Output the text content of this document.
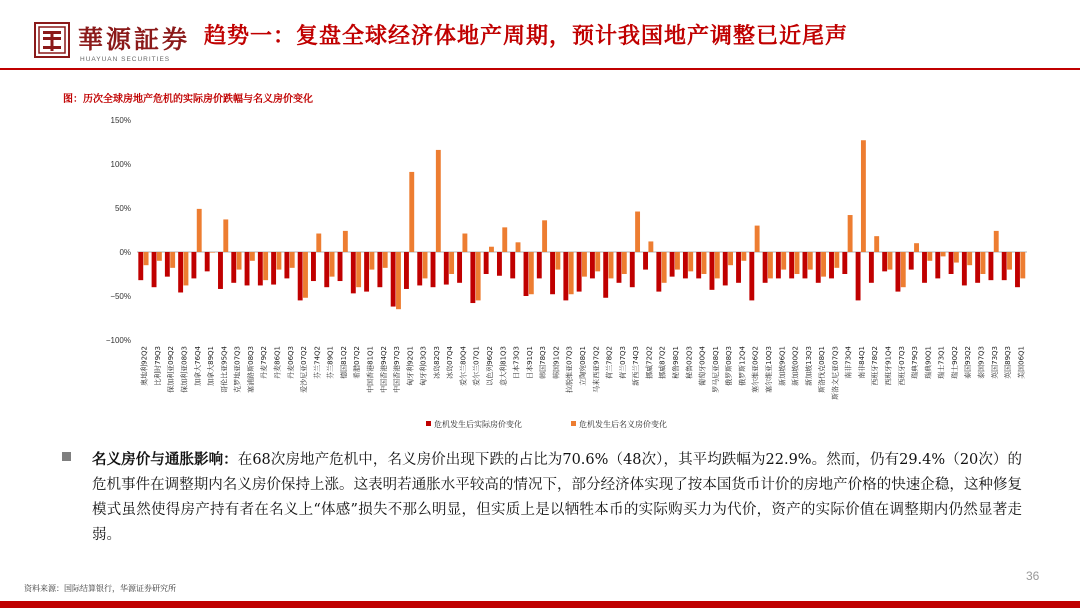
華源証券
HUAYUAN SECURITIES
趋势一：复盘全球经济体地产周期，预计我国地产调整已近尾声
图：历次全球房地产危机的实际房价跌幅与名义房价变化
150%
100%
50%
0%
−50%
−100%
奥地利92Q2 比利时79Q3 保加利亚09Q2 保加利亚08Q3 加拿大76Q4 加拿大89Q1 哥伦比亚95Q4 克罗地亚07Q3 塞浦路斯08Q3 丹麦79Q2 丹麦86Q1 丹麦06Q3 爱沙尼亚07Q2 芬兰74Q2 芬兰89Q1 德国81Q2 希腊07Q2 中国香港81Q1 中国香港94Q2 中国香港97Q3 匈牙利92Q1 匈牙利03Q3 冰岛82Q3 冰岛07Q4 爱尔兰80Q4 爱尔兰07Q1 以色列96Q2 意大利81Q3 日本73Q3 日本91Q1 韩国78Q3 韩国91Q2 拉脱维亚07Q3 立陶宛08Q1 马来西亚97Q2 荷兰78Q2 荷兰07Q3 新西兰74Q3 挪威72Q2 挪威87Q2 秘鲁98Q1 秘鲁02Q3 葡萄牙00Q4 罗马尼亚08Q1 俄罗斯08Q3 俄罗斯12Q4 塞尔维亚06Q2 塞尔维亚10Q3 新加坡96Q1 新加坡00Q2 新加坡13Q3 斯洛伐克08Q1 斯洛文尼亚07Q3 南非73Q4 南非84Q1 西班牙78Q2 西班牙91Q4 西班牙07Q3 瑞典79Q3 瑞典90Q1 瑞士73Q1 瑞士90Q2 泰国93Q2 泰国97Q3 英国73Q3 英国89Q3 美国06Q1
危机发生后实际房价变化	危机发生后名义房价变化
名义房价与通胀影响：在68次房地产危机中，名义房价出现下跌的占比为70.6%（48次），其平均跌幅为22.9%。然而，仍有29.4%（20次）的危机事件在调整期内名义房价保持上涨。这表明若通胀水平较高的情况下，部分经济体实现了按本国货币计价的房地产价格的快速企稳，这种修复模式虽然使得房产持有者在名义上“体感”损失不那么明显，但实质上是以牺牲本币的实际购买力为代价，资产的实际价值在调整期内仍然显著走弱。
资料来源：国际结算银行，华源证券研究所
36
